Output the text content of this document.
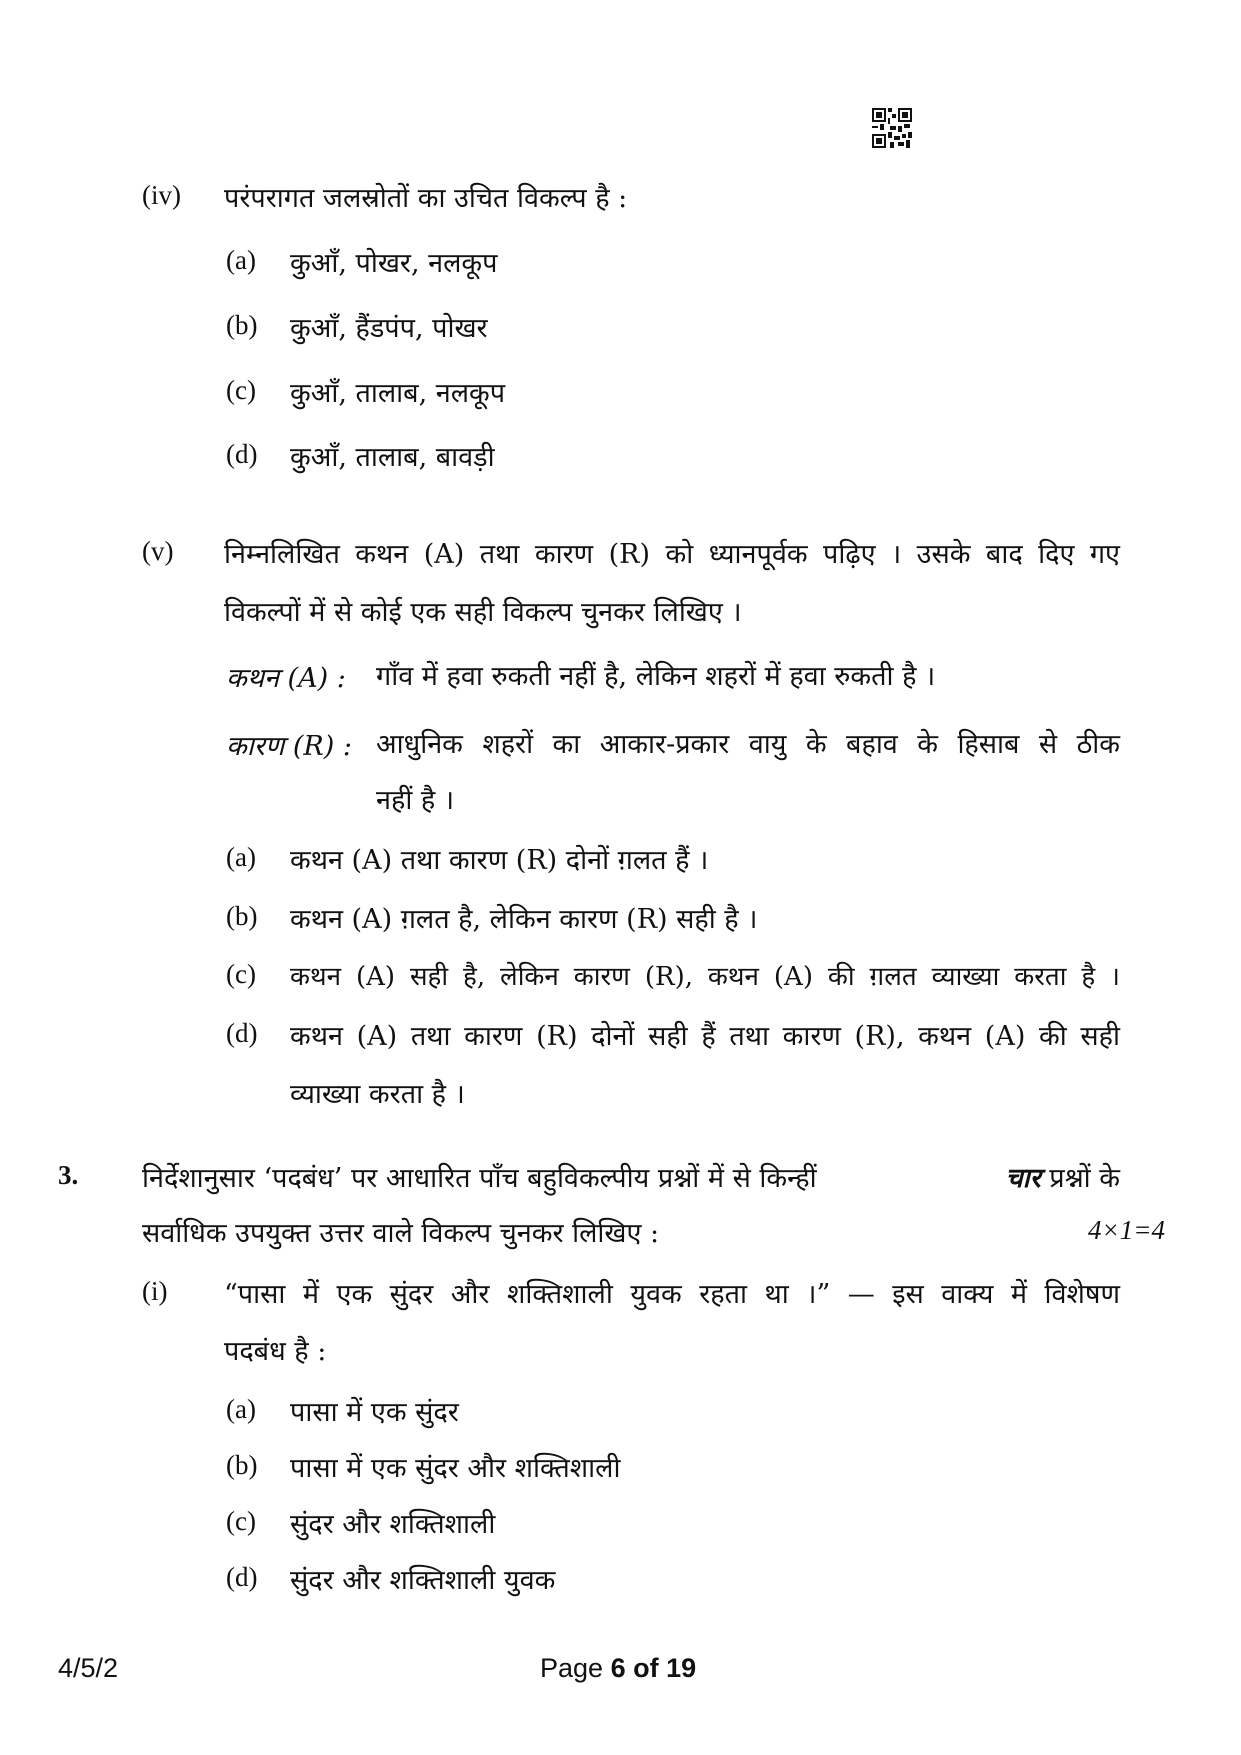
(iv) परंपरागत जलस्रोतों का उचित विकल्प है :
(a) कुआँ, पोखर, नलकूप
(b) कुआँ, हैंडपंप, पोखर
(c) कुआँ, तालाब, नलकूप
(d) कुआँ, तालाब, बावड़ी
(v) निम्नलिखित कथन (A) तथा कारण (R) को ध्यानपूर्वक पढ़िए । उसके बाद दिए गए
विकल्पों में से कोई एक सही विकल्प चुनकर लिखिए ।
कथन (A) : गाँव में हवा रुकती नहीं है, लेकिन शहरों में हवा रुकती है ।
कारण (R) : आधुनिक शहरों का आकार-प्रकार वायु के बहाव के हिसाब से ठीक
नहीं है ।
(a) कथन (A) तथा कारण (R) दोनों ग़लत हैं ।
(b) कथन (A) ग़लत है, लेकिन कारण (R) सही है ।
(c) कथन (A) सही है, लेकिन कारण (R), कथन (A) की ग़लत व्याख्या करता है ।
(d) कथन (A) तथा कारण (R) दोनों सही हैं तथा कारण (R), कथन (A) की सही
व्याख्या करता है ।
3. निर्देशानुसार ‘पदबंध’ पर आधारित पाँच बहुविकल्पीय प्रश्नों में से किन्हीं	चार प्रश्नों के
सर्वाधिक उपयुक्त उत्तर वाले विकल्प चुनकर लिखिए :	4×1=4
(i) “पासा में एक सुंदर और शक्तिशाली युवक रहता था ।” — इस वाक्य में विशेषण
पदबंध है :
(a) पासा में एक सुंदर
(b) पासा में एक सुंदर और शक्तिशाली
(c) सुंदर और शक्तिशाली
(d) सुंदर और शक्तिशाली युवक
4/5/2	Page 6 of 19
